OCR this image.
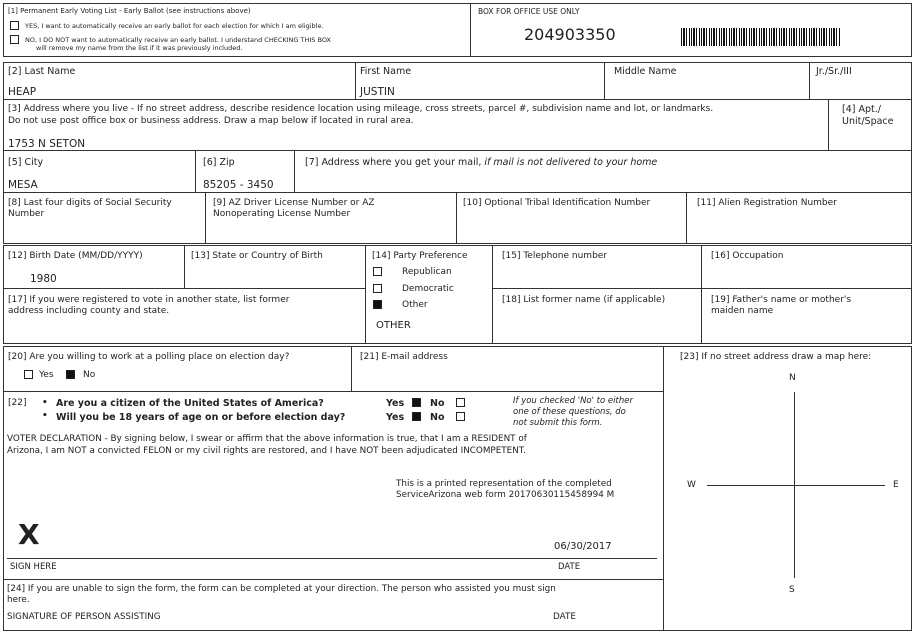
[1] Permanent Early Voting List - Early Ballot (see instructions above)
YES, I want to automatically receive an early ballot for each election for which I am eligible.
NO, I DO NOT want to automatically receive an early ballot. I understand CHECKING THIS BOX
will remove my name from the list if it was previously included.
BOX FOR OFFICE USE ONLY
204903350
[2] Last Name
HEAP
First Name
JUSTIN
Middle Name	Jr./Sr./III
[3] Address where you live - If no street address, describe residence location using mileage, cross streets, parcel #, subdivision name and lot, or landmarks.
Do not use post office box or business address. Draw a map below if located in rural area.
1753 N SETON
[4] Apt./
Unit/Space
[5] City
MESA
[6] Zip
85205 - 3450
[7] Address where you get your mail, if mail is not delivered to your home
[8] Last four digits of Social Security
Number
[9] AZ Driver License Number or AZ
Nonoperating License Number
[10] Optional Tribal Identification Number	[11] Alien Registration Number
[12] Birth Date (MM/DD/YYYY)
1980
[13] State or Country of Birth	[14] Party Preference
Republican
Democratic
Other
OTHER
[15] Telephone number	[16] Occupation
[17] If you were registered to vote in another state, list former
address including county and state.
[18] List former name (if applicable)	[19] Father's name or mother's
maiden name
[20] Are you willing to work at a polling place on election day?
Yes	No
[21] E-mail address	[23] If no street address draw a map here:
N
S
W	E
[22] • Are you a citizen of the United States of America?	Yes	No
• Will you be 18 years of age on or before election day?	Yes	No
If you checked 'No' to either
one of these questions, do
not submit this form.
VOTER DECLARATION - By signing below, I swear or affirm that the above information is true, that I am a RESIDENT of
Arizona, I am NOT a convicted FELON or my civil rights are restored, and I have NOT been adjudicated INCOMPETENT.
This is a printed representation of the completed
ServiceArizona web form 20170630115458994 M
X	06/30/2017
SIGN HERE	DATE
[24] If you are unable to sign the form, the form can be completed at your direction. The person who assisted you must sign
here.
SIGNATURE OF PERSON ASSISTING	DATE
